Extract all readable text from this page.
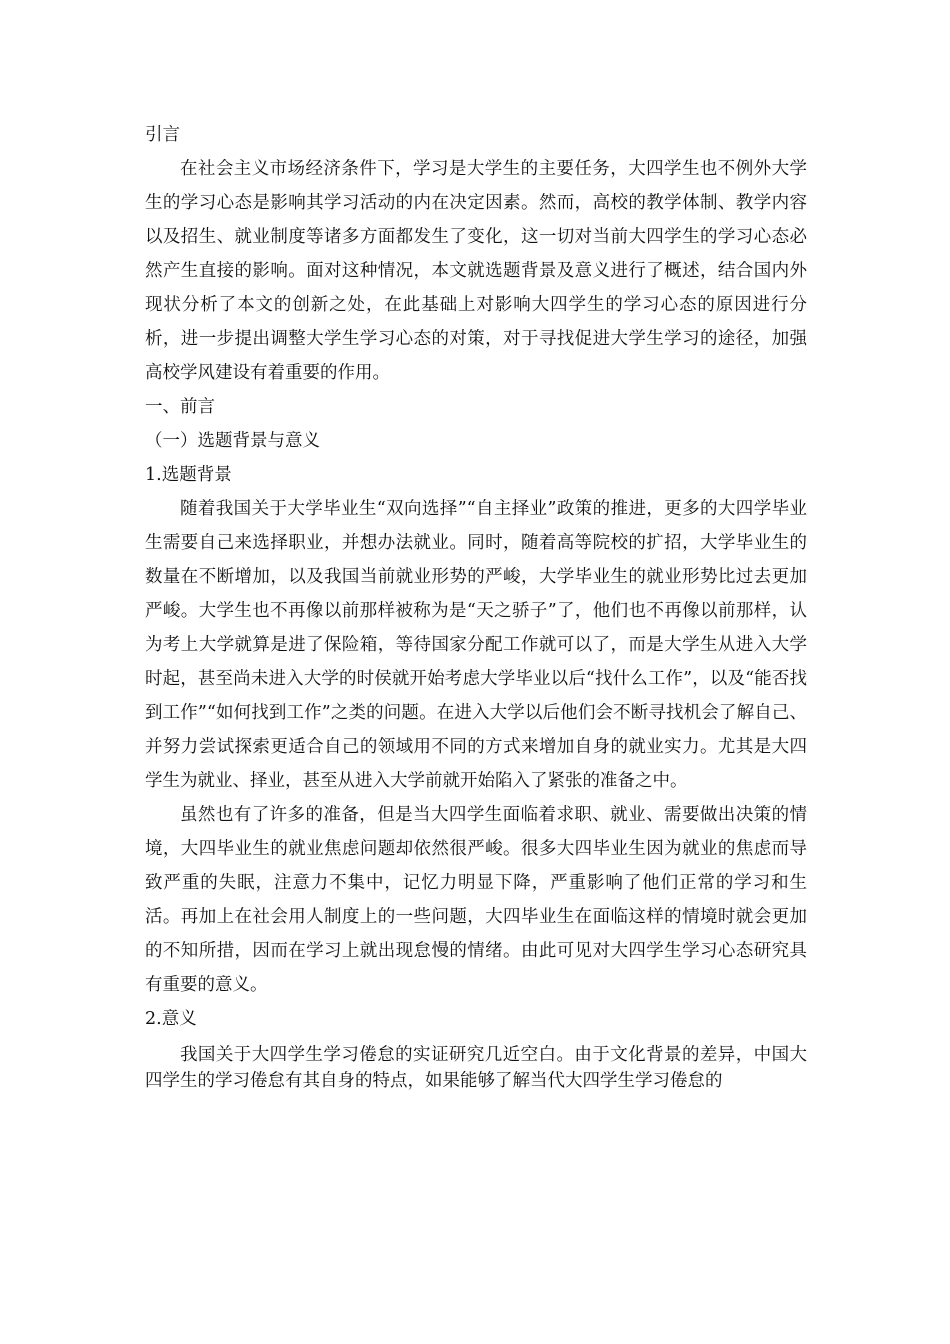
引言

在社会主义市场经济条件下，学习是大学生的主要任务，大四学生也不例外大学生的学习心态是影响其学习活动的内在决定因素。然而，高校的教学体制、教学内容以及招生、就业制度等诸多方面都发生了变化，这一切对当前大四学生的学习心态必然产生直接的影响。面对这种情况，本文就选题背景及意义进行了概述，结合国内外现状分析了本文的创新之处，在此基础上对影响大四学生的学习心态的原因进行分析，进一步提出调整大学生学习心态的对策，对于寻找促进大学生学习的途径，加强高校学风建设有着重要的作用。

一、前言

（一）选题背景与意义

1.选题背景

随着我国关于大学毕业生“双向选择”“自主择业”政策的推进，更多的大四学毕业生需要自己来选择职业，并想办法就业。同时，随着高等院校的扩招，大学毕业生的数量在不断增加，以及我国当前就业形势的严峻，大学毕业生的就业形势比过去更加严峻。大学生也不再像以前那样被称为是“天之骄子”了，他们也不再像以前那样，认为考上大学就算是进了保险箱，等待国家分配工作就可以了，而是大学生从进入大学时起，甚至尚未进入大学的时侯就开始考虑大学毕业以后“找什么工作”，以及“能否找到工作”“如何找到工作”之类的问题。在进入大学以后他们会不断寻找机会了解自己、并努力尝试探索更适合自己的领域用不同的方式来增加自身的就业实力。尤其是大四学生为就业、择业，甚至从进入大学前就开始陷入了紧张的准备之中。

虽然也有了许多的准备，但是当大四学生面临着求职、就业、需要做出决策的情境，大四毕业生的就业焦虑问题却依然很严峻。很多大四毕业生因为就业的焦虑而导致严重的失眠，注意力不集中，记忆力明显下降，严重影响了他们正常的学习和生活。再加上在社会用人制度上的一些问题，大四毕业生在面临这样的情境时就会更加的不知所措，因而在学习上就出现怠慢的情绪。由此可见对大四学生学习心态研究具有重要的意义。

2.意义

我国关于大四学生学习倦怠的实证研究几近空白。由于文化背景的差异，中国大四学生的学习倦怠有其自身的特点，如果能够了解当代大四学生学习倦怠的
